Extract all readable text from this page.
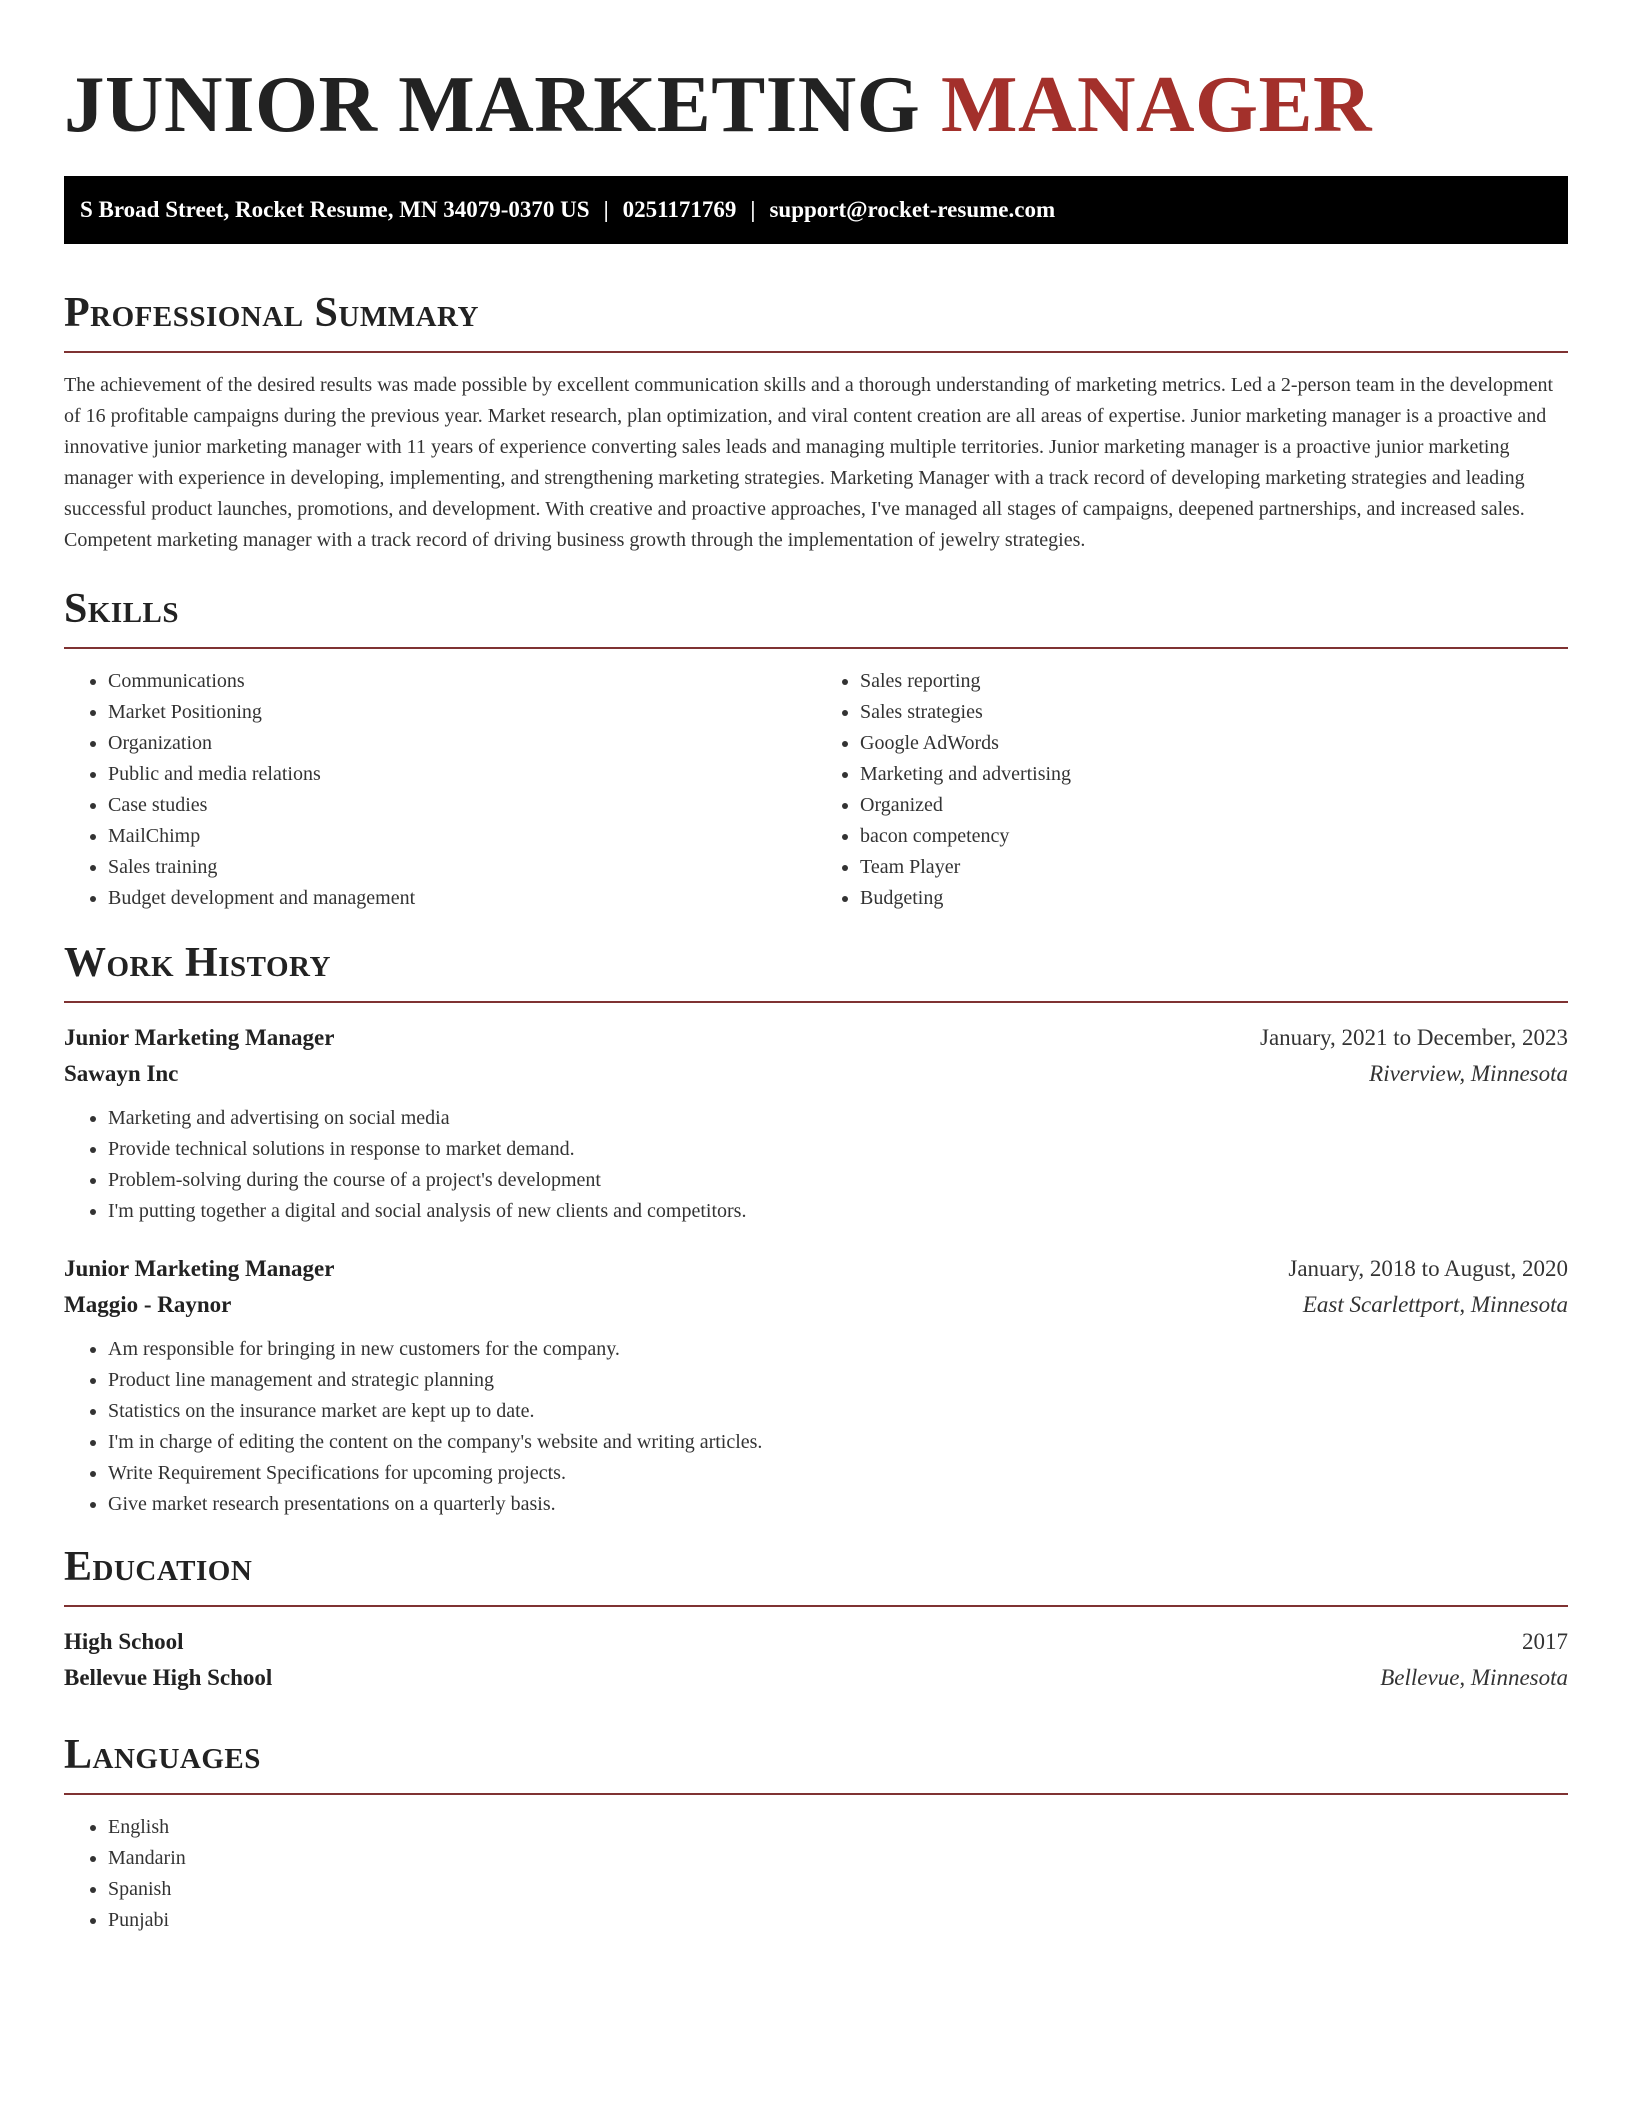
JUNIOR MARKETING MANAGER
S Broad Street, Rocket Resume, MN 34079-0370 US | 0251171769 | support@rocket-resume.com
Professional Summary

The achievement of the desired results was made possible by excellent communication skills and a thorough understanding of marketing metrics. Led a 2-person team in the development of 16 profitable campaigns during the previous year. Market research, plan optimization, and viral content creation are all areas of expertise. Junior marketing manager is a proactive and innovative junior marketing manager with 11 years of experience converting sales leads and managing multiple territories. Junior marketing manager is a proactive junior marketing manager with experience in developing, implementing, and strengthening marketing strategies. Marketing Manager with a track record of developing marketing strategies and leading successful product launches, promotions, and development. With creative and proactive approaches, I've managed all stages of campaigns, deepened partnerships, and increased sales. Competent marketing manager with a track record of driving business growth through the implementation of jewelry strategies.

Skills
• Communications
• Market Positioning
• Organization
• Public and media relations
• Case studies
• MailChimp
• Sales training
• Budget development and management
• Sales reporting
• Sales strategies
• Google AdWords
• Marketing and advertising
• Organized
• bacon competency
• Team Player
• Budgeting
Work History
Junior Marketing Manager	January, 2021 to December, 2023
Sawayn Inc	Riverview, Minnesota
• Marketing and advertising on social media
• Provide technical solutions in response to market demand.
• Problem-solving during the course of a project's development
• I'm putting together a digital and social analysis of new clients and competitors.
Junior Marketing Manager	January, 2018 to August, 2020
Maggio - Raynor	East Scarlettport, Minnesota
• Am responsible for bringing in new customers for the company.
• Product line management and strategic planning
• Statistics on the insurance market are kept up to date.
• I'm in charge of editing the content on the company's website and writing articles.
• Write Requirement Specifications for upcoming projects.
• Give market research presentations on a quarterly basis.
Education
High School	2017
Bellevue High School	Bellevue, Minnesota
Languages
• English
• Mandarin
• Spanish
• Punjabi
